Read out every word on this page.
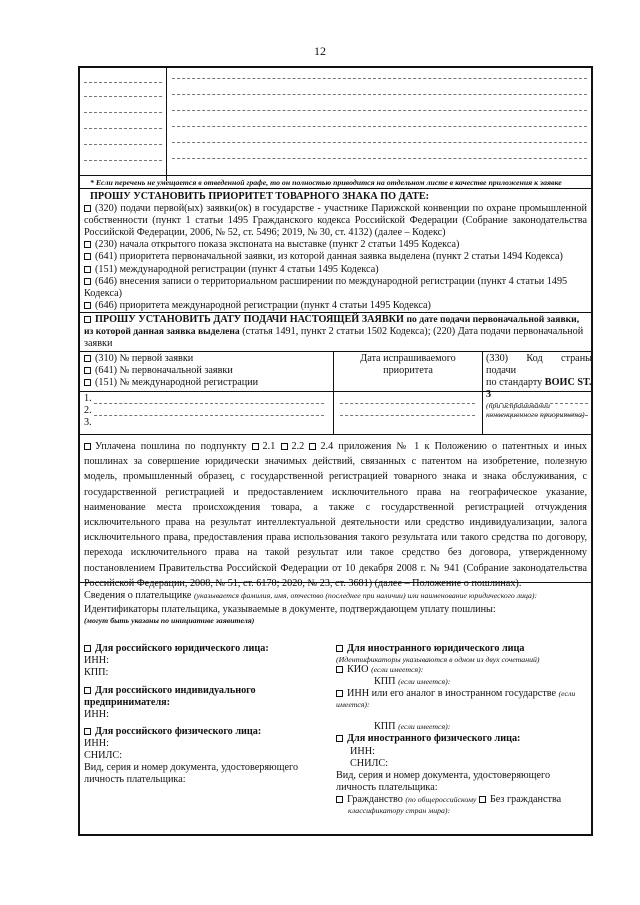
12
* Если перечень не умещается в отведенной графе, то он полностью приводится на отдельном листе в качестве приложения к заявке
ПРОШУ УСТАНОВИТЬ ПРИОРИТЕТ ТОВАРНОГО ЗНАКА ПО ДАТЕ:
(320) подачи первой(ых) заявки(ок) в государстве - участнике Парижской конвенции по охране промышленной собственности (пункт 1 статьи 1495 Гражданского кодекса Российской Федерации (Собрание законодательства Российской Федерации, 2006, № 52, ст. 5496; 2019, № 30, ст. 4132) (далее – Кодекс)
(230) начала открытого показа экспоната на выставке (пункт 2 статьи 1495 Кодекса)
(641) приоритета первоначальной заявки, из которой данная заявка выделена (пункт 2 статьи 1494 Кодекса)
(151) международной регистрации (пункт 4 статьи 1495 Кодекса)
(646) внесения записи о территориальном расширении по международной регистрации (пункт 4 статьи 1495 Кодекса)
(646) приоритета международной регистрации (пункт 4 статьи 1495 Кодекса)
ПРОШУ УСТАНОВИТЬ ДАТУ ПОДАЧИ НАСТОЯЩЕЙ ЗАЯВКИ по дате подачи первоначальной заявки, из которой данная заявка выделена (статья 1491, пункт 2 статьи 1502 Кодекса); (220) Дата подачи первоначальной заявки
(310) № первой заявки
(641) № первоначальной заявки
(151) № международной регистрации
Дата испрашиваемого приоритета
(330) Код страны подачи
по стандарту ВОИС ST. 3
(при испрашивании конвенционного приоритета)
1.
2.
3.
Уплачена пошлина по подпункту 2.1 2.2 2.4 приложения № 1 к Положению о патентных и иных пошлинах за совершение юридически значимых действий, связанных с патентом на изобретение, полезную модель, промышленный образец, с государственной регистрацией товарного знака и знака обслуживания, с государственной регистрацией и предоставлением исключительного права на географическое указание, наименование места происхождения товара, а также с государственной регистрацией отчуждения исключительного права на результат интеллектуальной деятельности или средство индивидуализации, залога исключительного права, предоставления права использования такого результата или такого средства по договору, перехода исключительного права на такой результат или такое средство без договора, утвержденному постановлением Правительства Российской Федерации от 10 декабря 2008 г. № 941 (Собрание законодательства Российской Федерации, 2008, № 51, ст. 6170; 2020, № 23, ст. 3681) (далее – Положение о пошлинах).
Сведения о плательщике (указывается фамилия, имя, отчество (последнее при наличии) или наименование юридического лица):
Идентификаторы плательщика, указываемые в документе, подтверждающем уплату пошлины:
(могут быть указаны по инициативе заявителя)
Для российского юридического лица:
ИНН:
КПП:
Для российского индивидуального
предпринимателя:
ИНН:
Для российского физического лица:
ИНН:
СНИЛС:
Вид, серия и номер документа, удостоверяющего
личность плательщика:
Для иностранного юридического лица
(Идентификаторы указываются в одном из двух сочетаний)
КИО (если имеется):
КПП (если имеется):
ИНН или его аналог в иностранном государстве (если
имеется):
КПП (если имеется):
Для иностранного физического лица:
ИНН:
СНИЛС:
Вид, серия и номер документа, удостоверяющего
личность плательщика:
Гражданство (по общероссийскому Без гражданства
классификатору стран мира):
